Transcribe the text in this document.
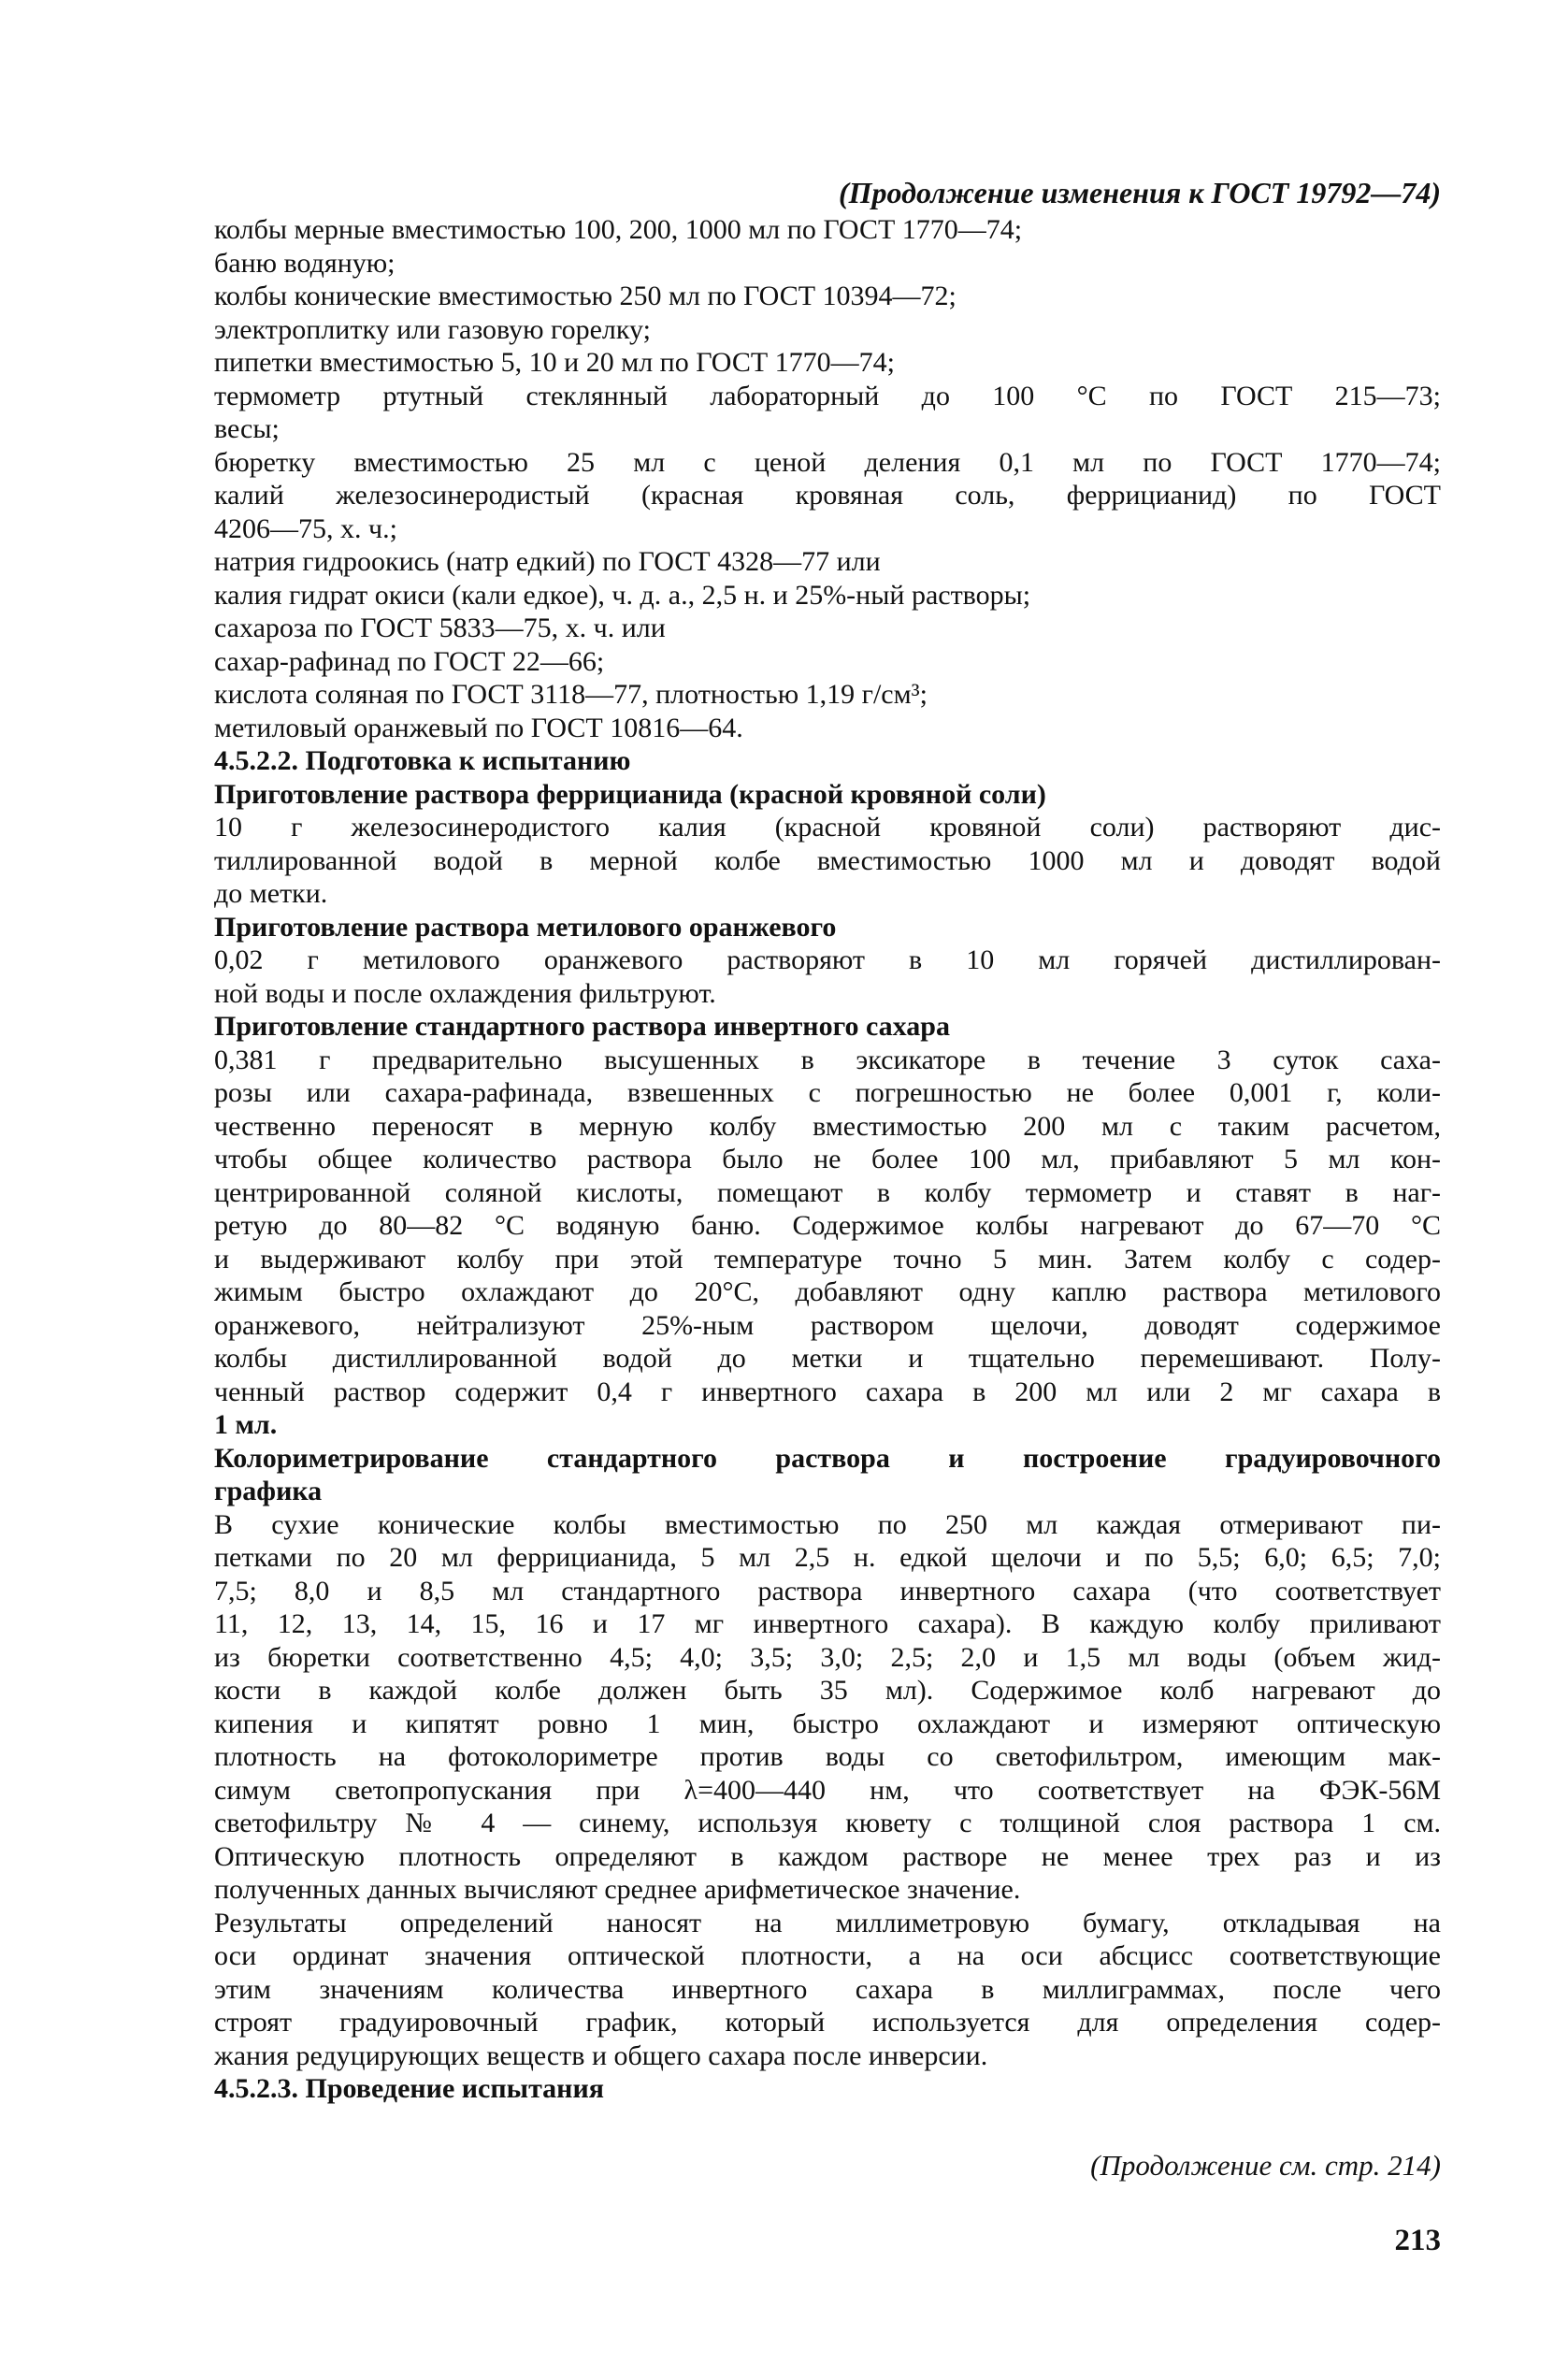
(Продолжение изменения к ГОСТ 19792—74)
колбы мерные вместимостью 100, 200, 1000 мл по ГОСТ 1770—74;
баню водяную;
колбы конические вместимостью 250 мл по ГОСТ 10394—72;
электроплитку или газовую горелку;
пипетки вместимостью 5, 10 и 20 мл по ГОСТ 1770—74;
термометр ртутный стеклянный лабораторный до 100 °С по ГОСТ 215—73;
весы;
бюретку вместимостью 25 мл с ценой деления 0,1 мл по ГОСТ 1770—74;
калий железосинеродистый (красная кровяная соль, феррицианид) по ГОСТ
4206—75, х. ч.;
натрия гидроокись (натр едкий) по ГОСТ 4328—77 или
калия гидрат окиси (кали едкое), ч. д. а., 2,5 н. и 25%-ный растворы;
сахароза по ГОСТ 5833—75, х. ч. или
сахар-рафинад по ГОСТ 22—66;
кислота соляная по ГОСТ 3118—77, плотностью 1,19 г/см³;
метиловый оранжевый по ГОСТ 10816—64.
4.5.2.2. Подготовка к испытанию
Приготовление раствора феррицианида (красной кровяной соли)
10 г железосинеродистого калия (красной кровяной соли) растворяют дис-
тиллированной водой в мерной колбе вместимостью 1000 мл и доводят водой
до метки.
Приготовление раствора метилового оранжевого
0,02 г метилового оранжевого растворяют в 10 мл горячей дистиллирован-
ной воды и после охлаждения фильтруют.
Приготовление стандартного раствора инвертного сахара
0,381 г предварительно высушенных в эксикаторе в течение 3 суток саха-
розы или сахара-рафинада, взвешенных с погрешностью не более 0,001 г, коли-
чественно переносят в мерную колбу вместимостью 200 мл с таким расчетом,
чтобы общее количество раствора было не более 100 мл, прибавляют 5 мл кон-
центрированной соляной кислоты, помещают в колбу термометр и ставят в наг-
ретую до 80—82 °С водяную баню. Содержимое колбы нагревают до 67—70 °С
и выдерживают колбу при этой температуре точно 5 мин. Затем колбу с содер-
жимым быстро охлаждают до 20°С, добавляют одну каплю раствора метилового
оранжевого, нейтрализуют 25%-ным раствором щелочи, доводят содержимое
колбы дистиллированной водой до метки и тщательно перемешивают. Полу-
ченный раствор содержит 0,4 г инвертного сахара в 200 мл или 2 мг сахара в
1 мл.
Колориметрирование стандартного раствора и построение градуировочного
графика
В сухие конические колбы вместимостью по 250 мл каждая отмеривают пи-
петками по 20 мл феррицианида, 5 мл 2,5 н. едкой щелочи и по 5,5; 6,0; 6,5; 7,0;
7,5; 8,0 и 8,5 мл стандартного раствора инвертного сахара (что соответствует
11, 12, 13, 14, 15, 16 и 17 мг инвертного сахара). В каждую колбу приливают
из бюретки соответственно 4,5; 4,0; 3,5; 3,0; 2,5; 2,0 и 1,5 мл воды (объем жид-
кости в каждой колбе должен быть 35 мл). Содержимое колб нагревают до
кипения и кипятят ровно 1 мин, быстро охлаждают и измеряют оптическую
плотность на фотоколориметре против воды со светофильтром, имеющим мак-
симум светопропускания при λ=400—440 нм, что соответствует на ФЭК-56М
светофильтру № 4 — синему, используя кювету с толщиной слоя раствора 1 см.
Оптическую плотность определяют в каждом растворе не менее трех раз и из
полученных данных вычисляют среднее арифметическое значение.
Результаты определений наносят на миллиметровую бумагу, откладывая на
оси ординат значения оптической плотности, а на оси абсцисс соответствующие
этим значениям количества инвертного сахара в миллиграммах, после чего
строят градуировочный график, который используется для определения содер-
жания редуцирующих веществ и общего сахара после инверсии.
4.5.2.3. Проведение испытания
(Продолжение см. стр. 214)
213
